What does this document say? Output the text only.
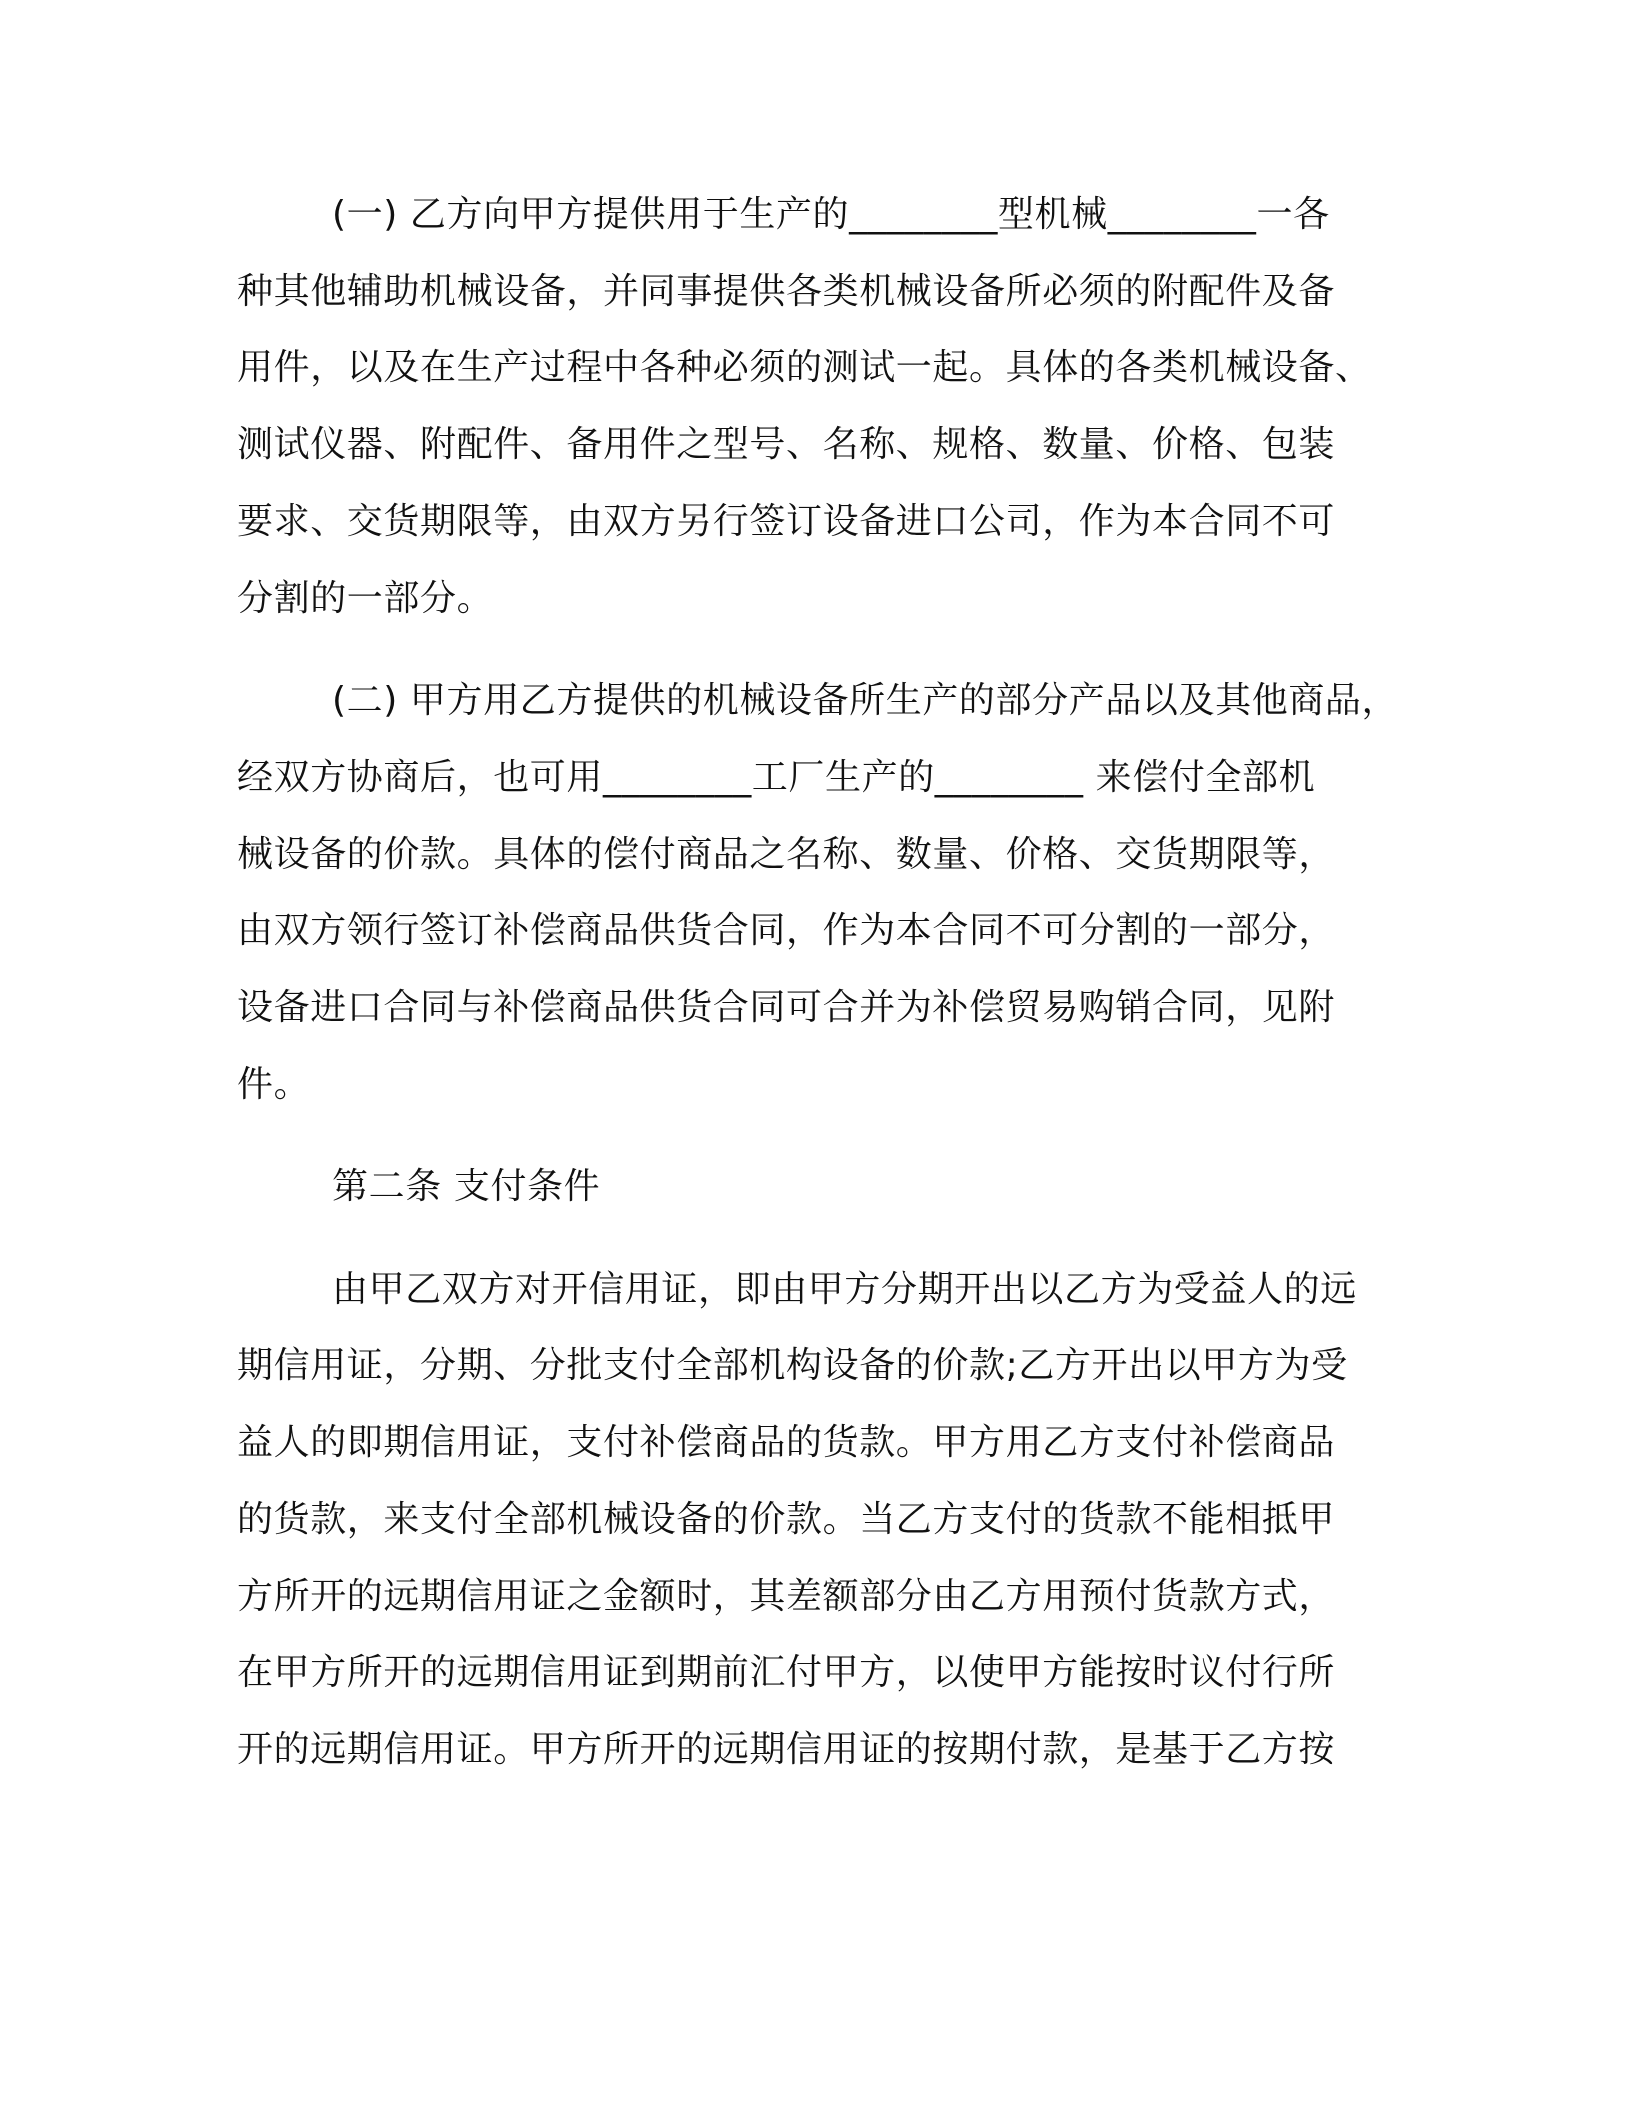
(一) 乙方向甲方提供用于生产的________型机械________一各
种其他辅助机械设备，并同事提供各类机械设备所必须的附配件及备
用件，以及在生产过程中各种必须的测试一起。具体的各类机械设备、
测试仪器、附配件、备用件之型号、名称、规格、数量、价格、包装
要求、交货期限等，由双方另行签订设备进口公司，作为本合同不可
分割的一部分。
(二) 甲方用乙方提供的机械设备所生产的部分产品以及其他商品，
经双方协商后，也可用________工厂生产的________ 来偿付全部机
械设备的价款。具体的偿付商品之名称、数量、价格、交货期限等，
由双方领行签订补偿商品供货合同，作为本合同不可分割的一部分，
设备进口合同与补偿商品供货合同可合并为补偿贸易购销合同，见附
件。
第二条 支付条件
由甲乙双方对开信用证，即由甲方分期开出以乙方为受益人的远
期信用证，分期、分批支付全部机构设备的价款;乙方开出以甲方为受
益人的即期信用证，支付补偿商品的货款。甲方用乙方支付补偿商品
的货款，来支付全部机械设备的价款。当乙方支付的货款不能相抵甲
方所开的远期信用证之金额时，其差额部分由乙方用预付货款方式，
在甲方所开的远期信用证到期前汇付甲方，以使甲方能按时议付行所
开的远期信用证。甲方所开的远期信用证的按期付款，是基于乙方按
